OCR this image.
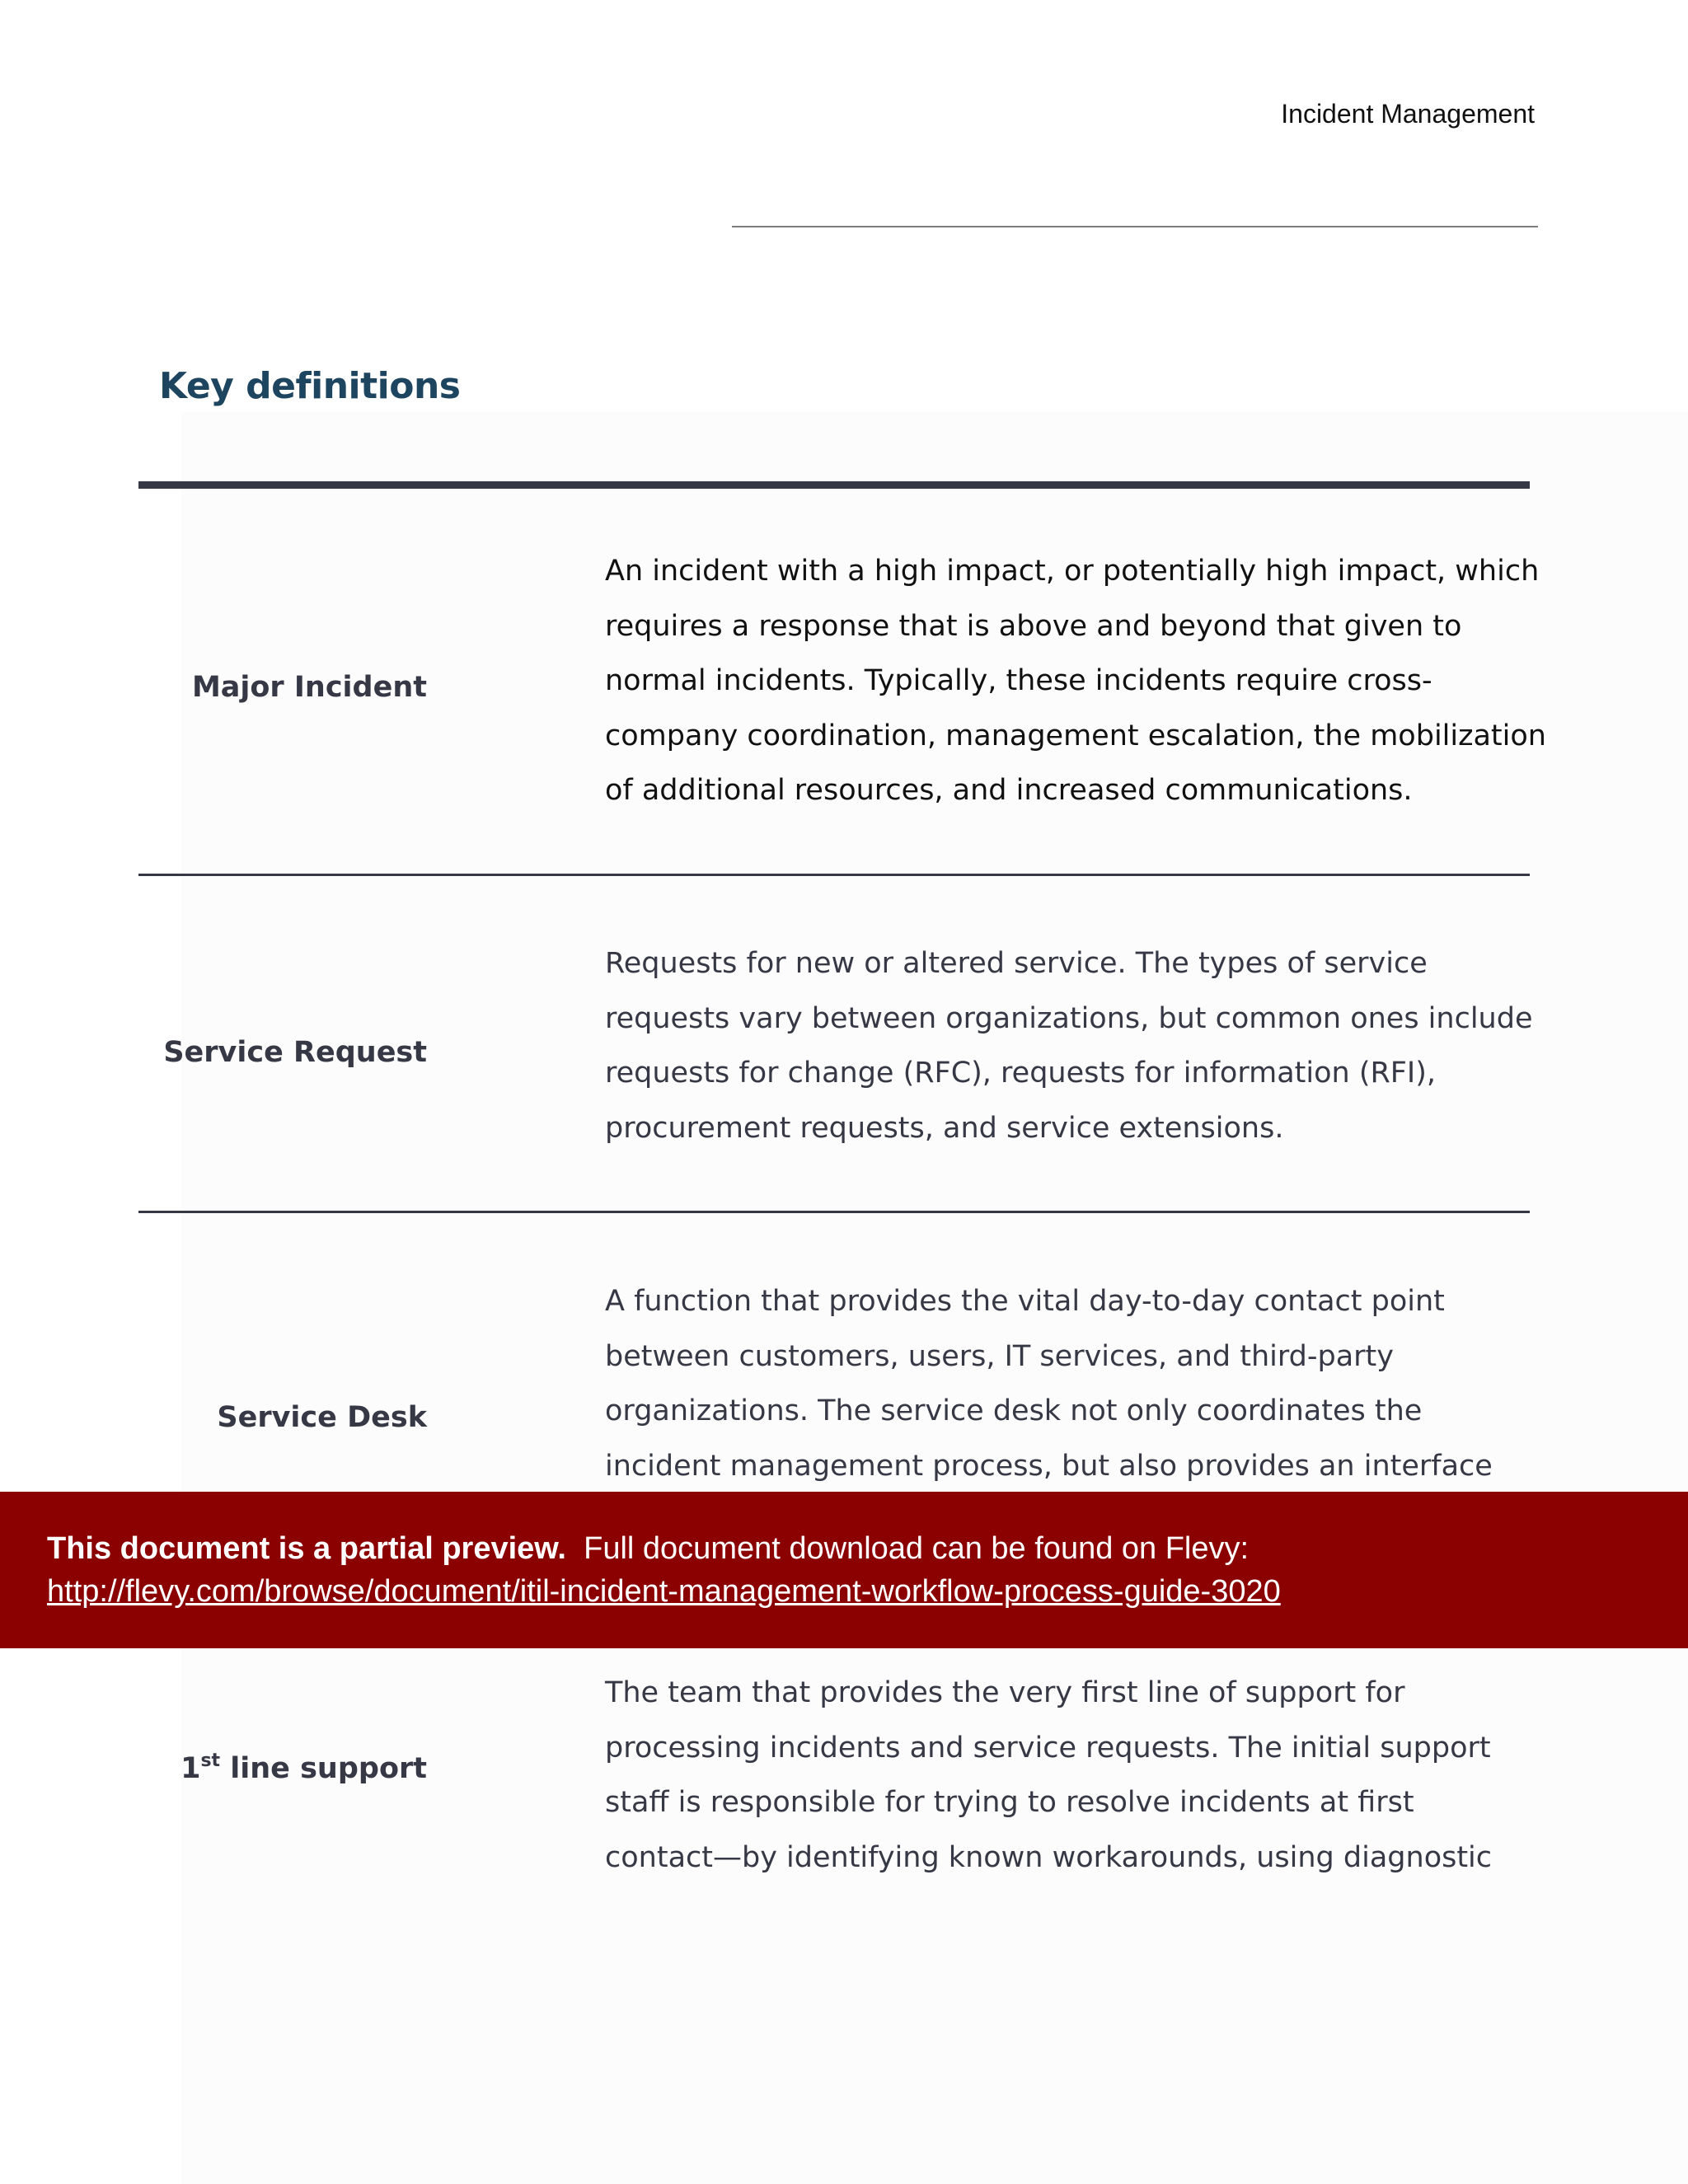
Incident Management
Key definitions
Major Incident
An incident with a high impact, or potentially high impact, which
requires a response that is above and beyond that given to
normal incidents. Typically, these incidents require cross-
company coordination, management escalation, the mobilization
of additional resources, and increased communications.
Service Request
Requests for new or altered service. The types of service
requests vary between organizations, but common ones include
requests for change (RFC), requests for information (RFI),
procurement requests, and service extensions.
Service Desk
A function that provides the vital day-to-day contact point
between customers, users, IT services, and third-party
organizations. The service desk not only coordinates the
incident management process, but also provides an interface
1st line support
The team that provides the very first line of support for
processing incidents and service requests. The initial support
staff is responsible for trying to resolve incidents at first
contact—by identifying known workarounds, using diagnostic
This document is a partial preview. Full document download can be found on Flevy:
http://flevy.com/browse/document/itil-incident-management-workflow-process-guide-3020
